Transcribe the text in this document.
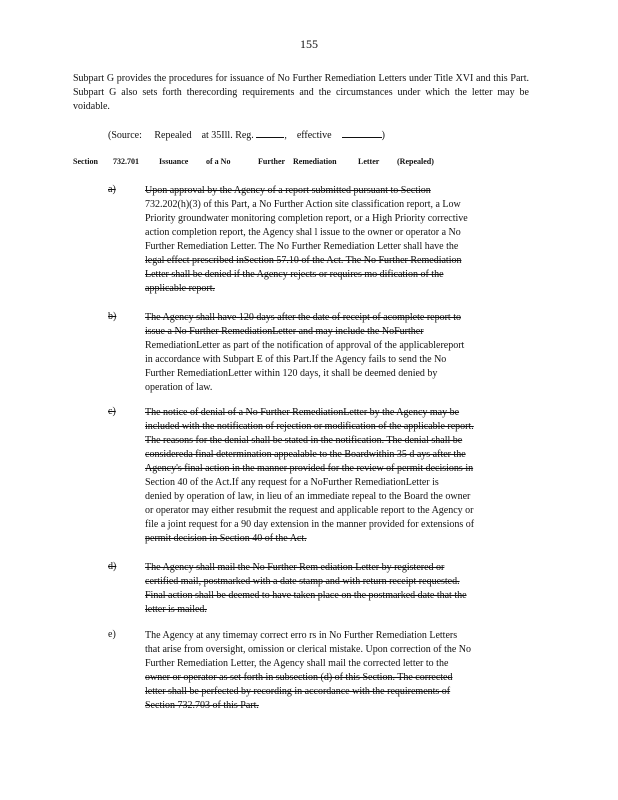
155
Subpart G provides the procedures for issuance of No Further Remediation Letters under Title XVI and this Part. Subpart G also sets forth therecording requirements and the circumstances under which the letter may be voidable.
(Source: Repealed at 35Ill. Reg.	, effective	)
Section 732.701	Issuance of a No	Further Remediation	Letter (Repealed)
a)	Upon approval by the Agency of a report submitted pursuant to Section
732.202(h)(3) of this Part, a No Further Action site classification report, a Low
Priority groundwater monitoring completion report, or a High Priority corrective
action completion report, the Agency shal l issue to the owner or operator a No
Further Remediation Letter. The No Further Remediation Letter shall have the
legal effect prescribed inSection 57.10 of the Act. The No Further Remediation
Letter shall be denied if the Agency rejects or requires mo dification of the
applicable report.
b)	The Agency shall have 120 days after the date of receipt of acomplete report to
issue a No Further RemediationLetter and may include the NoFurther
RemediationLetter as part of the notification of approval of the applicablereport
in accordance with Subpart E of this Part.If the Agency fails to send the No
Further RemediationLetter within 120 days, it shall be deemed denied by
operation of law.
c)	The notice of denial of a No Further RemediationLetter by the Agency may be
included with the notification of rejection or modification of the applicable report.
The reasons for the denial shall be stated in the notification. The denial shall be
considereda final determination appealable to the Boardwithin 35 d ays after the
Agency's final action in the manner provided for the review of permit decisions in
Section 40 of the Act.If any request for a NoFurther RemediationLetter is
denied by operation of law, in lieu of an immediate repeal to the Board the owner
or operator may either resubmit the request and applicable report to the Agency or
file a joint request for a 90 day extension in the manner provided for extensions of
permit decision in Section 40 of the Act.
d)	The Agency shall mail the No Further Rem ediation Letter by registered or
certified mail, postmarked with a date stamp and with return receipt requested.
Final action shall be deemed to have taken place on the postmarked date that the
letter is mailed.
e)	The Agency at any timemay correct erro rs in No Further Remediation Letters
that arise from oversight, omission or clerical mistake. Upon correction of the No
Further Remediation Letter, the Agency shall mail the corrected letter to the
owner or operator as set forth in subsection (d) of this Section. The corrected
letter shall be perfected by recording in accordance with the requirements of
Section 732.703 of this Part.
